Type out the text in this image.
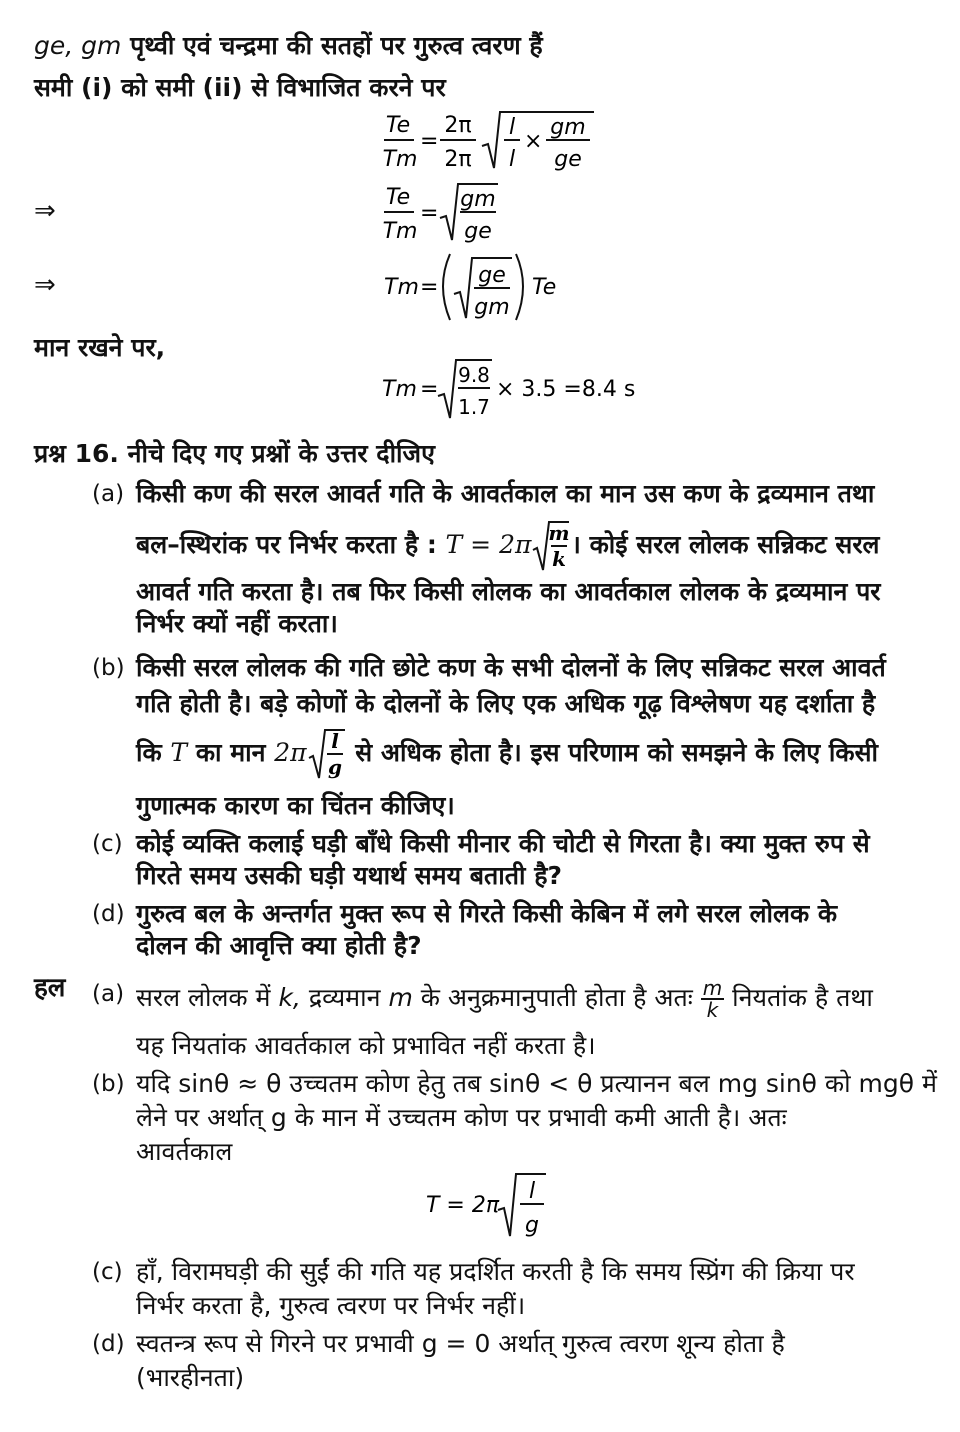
ge, gm पृथ्वी एवं चन्द्रमा की सतहों पर गुरुत्व त्वरण हैं
समी (i) को समी (ii) से विभाजित करने पर
Te
Tm
=
2π
2π
l
l
×
gm
ge
⇒	Te
Tm
=
gm
ge
⇒	Tm = ge
gm
Te
मान रखने पर,
Tm =
9.8
1.7
× 3.5 =8.4 s
प्रश्न 16. नीचे दिए गए प्रश्नों के उत्तर दीजिए
(a) किसी कण की सरल आवर्त गति के आवर्तकाल का मान उस कण के द्रव्यमान तथा
बल–स्थिरांक पर निर्भर करता है : T = 2π m
k । कोई सरल लोलक सन्निकट सरल
आवर्त गति करता है। तब फिर किसी लोलक का आवर्तकाल लोलक के द्रव्यमान पर
निर्भर क्यों नहीं करता।
(b) किसी सरल लोलक की गति छोटे कण के सभी दोलनों के लिए सन्निकट सरल आवर्त
गति होती है। बड़े कोणों के दोलनों के लिए एक अधिक गूढ़ विश्लेषण यह दर्शाता है
कि T का मान 2π l
g से अधिक होता है। इस परिणाम को समझने के लिए किसी
गुणात्मक कारण का चिंतन कीजिए।
(c) कोई व्यक्ति कलाई घड़ी बाँधे किसी मीनार की चोटी से गिरता है। क्या मुक्त रुप से
गिरते समय उसकी घड़ी यथार्थ समय बताती है?
(d) गुरुत्व बल के अन्तर्गत मुक्त रूप से गिरते किसी केबिन में लगे सरल लोलक के
दोलन की आवृत्ति क्या होती है?
हल (a) सरल लोलक में k, द्रव्यमान m के अनुक्रमानुपाती होता है अतः $\frac{m}{k}$ नियतांक है तथा
यह नियतांक आवर्तकाल को प्रभावित नहीं करता है।
(b) यदि sinθ ≈ θ उच्चतम कोण हेतु तब sinθ < θ प्रत्यानन बल mg sinθ को mgθ में
लेने पर अर्थात् g के मान में उच्चतम कोण पर प्रभावी कमी आती है। अतः
आवर्तकाल
T = 2π
l
g
(c) हाँ, विरामघड़ी की सुईं की गति यह प्रदर्शित करती है कि समय स्प्रिंग की क्रिया पर
निर्भर करता है, गुरुत्व त्वरण पर निर्भर नहीं।
(d) स्वतन्त्र रूप से गिरने पर प्रभावी g = 0 अर्थात् गुरुत्व त्वरण शून्य होता है
(भारहीनता)
